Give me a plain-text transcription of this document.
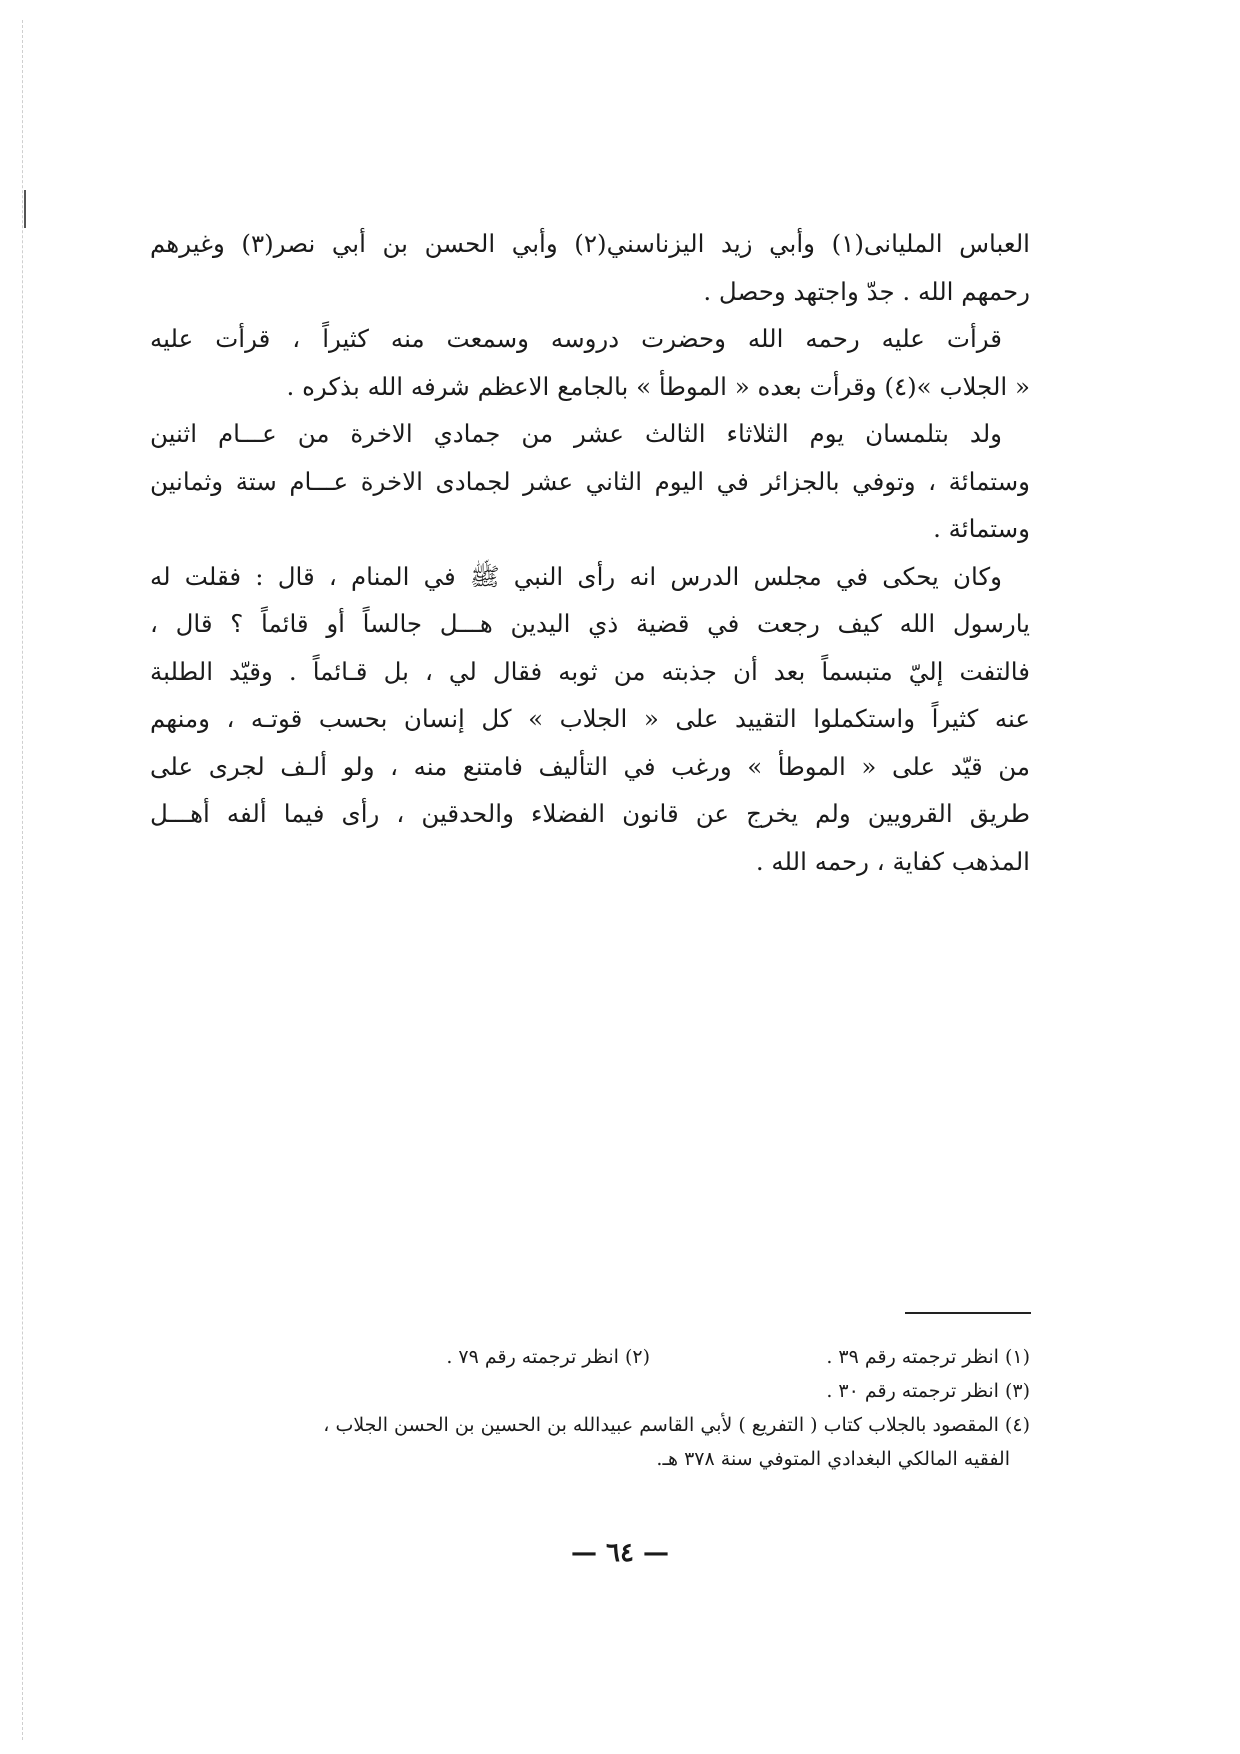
العباس المليانى(١) وأبي زيد اليزناسني(٢) وأبي الحسن بن أبي نصر(٣) وغيرهم
رحمهم الله . جدّ واجتهد وحصل .

قرأت عليه رحمه الله وحضرت دروسه وسمعت منه كثيراً ، قرأت عليه
« الجلاب »(٤) وقرأت بعده « الموطأ » بالجامع الاعظم شرفه الله بذكره .

ولد بتلمسان يوم الثلاثاء الثالث عشر من جمادي الاخرة من عـــام اثنين
وستمائة ، وتوفي بالجزائر في اليوم الثاني عشر لجمادى الاخرة عـــام ستة وثمانين
وستمائة .

وكان يحكى في مجلس الدرس انه رأى النبي ﷺ في المنام ، قال : فقلت له
يارسول الله كيف رجعت في قضية ذي اليدين هـــل جالساً أو قائماً ؟ قال ،
فالتفت إليّ متبسماً بعد أن جذبته من ثوبه فقال لي ، بل قـائماً . وقيّد الطلبة
عنه كثيراً واستكملوا التقييد على « الجلاب » كل إنسان بحسب قوتـه ، ومنهم
من قيّد على « الموطأ » ورغب في التأليف فامتنع منه ، ولو ألـف لجرى على
طريق القرويين ولم يخرج عن قانون الفضلاء والحدقين ، رأى فيما ألفه أهـــل
المذهب كفاية ، رحمه الله .

(١) انظر ترجمته رقم ٣٩ .
(٢) انظر ترجمته رقم ٧٩ .
(٣) انظر ترجمته رقم ٣٠ .
(٤) المقصود بالجلاب كتاب ( التفريع ) لأبي القاسم عبيدالله بن الحسين بن الحسن الجلاب ،
الفقيه المالكي البغدادي المتوفي سنة ٣٧٨ هـ.
— ٦٤ —
